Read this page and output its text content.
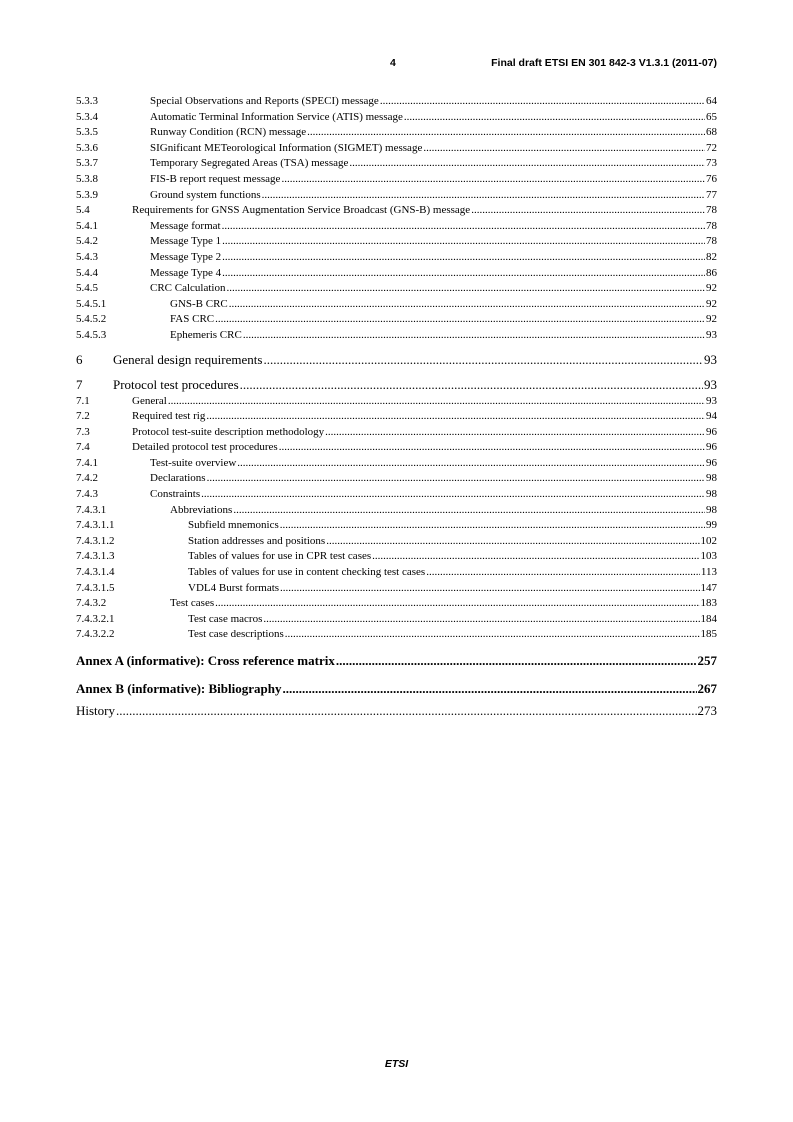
4	Final draft ETSI EN 301 842-3 V1.3.1 (2011-07)
5.3.3	Special Observations and Reports (SPECI) message .....	64
5.3.4	Automatic Terminal Information Service (ATIS) message .....	65
5.3.5	Runway Condition (RCN) message .....	68
5.3.6	SIGnificant METeorological Information (SIGMET) message .....	72
5.3.7	Temporary Segregated Areas (TSA) message .....	73
5.3.8	FIS-B report request message .....	76
5.3.9	Ground system functions .....	77
5.4	Requirements for GNSS Augmentation Service Broadcast (GNS-B) message .....	78
5.4.1	Message format .....	78
5.4.2	Message Type 1 .....	78
5.4.3	Message Type 2 .....	82
5.4.4	Message Type 4 .....	86
5.4.5	CRC Calculation .....	92
5.4.5.1	GNS-B CRC .....	92
5.4.5.2	FAS CRC .....	92
5.4.5.3	Ephemeris CRC .....	93
6 General design requirements .....	93
7 Protocol test procedures .....	93
7.1	General .....	93
7.2	Required test rig .....	94
7.3	Protocol test-suite description methodology .....	96
7.4	Detailed protocol test procedures .....	96
7.4.1	Test-suite overview .....	96
7.4.2	Declarations .....	98
7.4.3	Constraints .....	98
7.4.3.1	Abbreviations .....	98
7.4.3.1.1	Subfield mnemonics .....	99
7.4.3.1.2	Station addresses and positions .....	102
7.4.3.1.3	Tables of values for use in CPR test cases .....	103
7.4.3.1.4	Tables of values for use in content checking test cases .....	113
7.4.3.1.5	VDL4 Burst formats .....	147
7.4.3.2	Test cases .....	183
7.4.3.2.1	Test case macros .....	184
7.4.3.2.2	Test case descriptions .....	185
Annex A (informative): Cross reference matrix .....	257
Annex B (informative): Bibliography .....	267
History .....	273
ETSI
